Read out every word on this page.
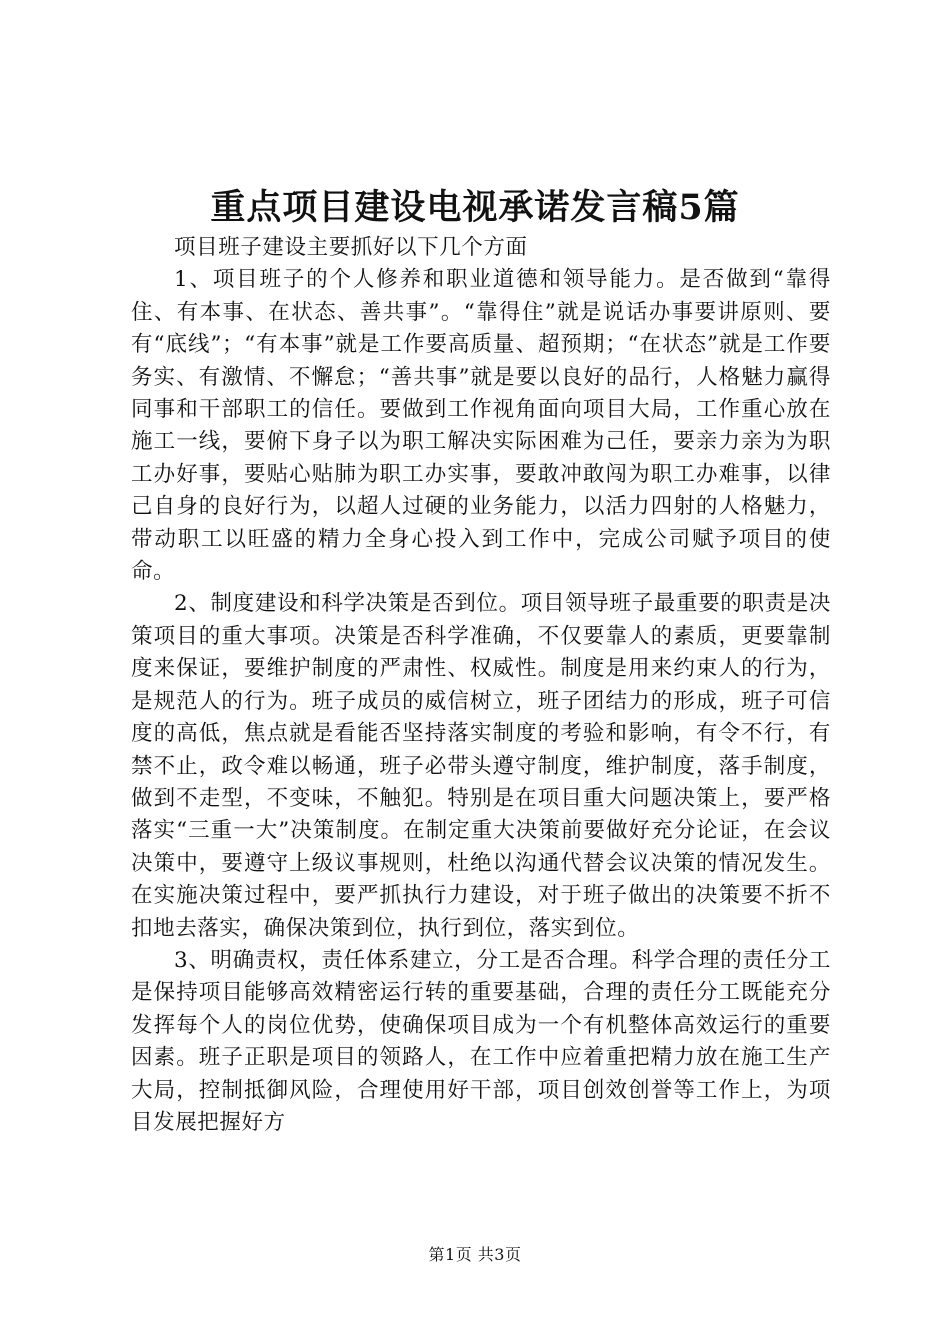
重点项目建设电视承诺发言稿5篇

项目班子建设主要抓好以下几个方面

1、项目班子的个人修养和职业道德和领导能力。是否做到“靠得住、有本事、在状态、善共事”。“靠得住”就是说话办事要讲原则、要有“底线”；“有本事”就是工作要高质量、超预期；“在状态”就是工作要务实、有激情、不懈怠；“善共事”就是要以良好的品行，人格魅力赢得同事和干部职工的信任。要做到工作视角面向项目大局，工作重心放在施工一线，要俯下身子以为职工解决实际困难为己任，要亲力亲为为职工办好事，要贴心贴肺为职工办实事，要敢冲敢闯为职工办难事，以律己自身的良好行为，以超人过硬的业务能力，以活力四射的人格魅力，带动职工以旺盛的精力全身心投入到工作中，完成公司赋予项目的使命。

2、制度建设和科学决策是否到位。项目领导班子最重要的职责是决策项目的重大事项。决策是否科学准确，不仅要靠人的素质，更要靠制度来保证，要维护制度的严肃性、权威性。制度是用来约束人的行为，是规范人的行为。班子成员的威信树立，班子团结力的形成，班子可信度的高低，焦点就是看能否坚持落实制度的考验和影响，有令不行，有禁不止，政令难以畅通，班子必带头遵守制度，维护制度，落手制度，做到不走型，不变味，不触犯。特别是在项目重大问题决策上，要严格落实“三重一大”决策制度。在制定重大决策前要做好充分论证，在会议决策中，要遵守上级议事规则，杜绝以沟通代替会议决策的情况发生。在实施决策过程中，要严抓执行力建设，对于班子做出的决策要不折不扣地去落实，确保决策到位，执行到位，落实到位。

3、明确责权，责任体系建立，分工是否合理。科学合理的责任分工是保持项目能够高效精密运行转的重要基础，合理的责任分工既能充分发挥每个人的岗位优势，使确保项目成为一个有机整体高效运行的重要因素。班子正职是项目的领路人，在工作中应着重把精力放在施工生产大局，控制抵御风险，合理使用好干部，项目创效创誉等工作上，为项目发展把握好方

第1页 共3页
